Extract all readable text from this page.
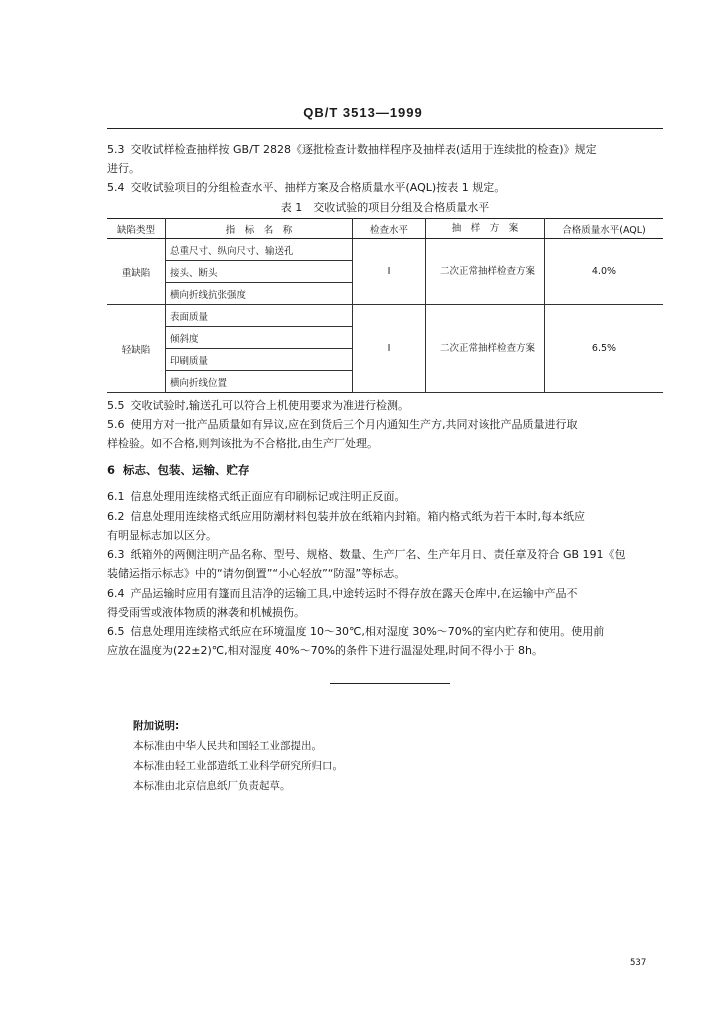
QB/T 3513—1999
5.3 交收试样检查抽样按 GB/T 2828《逐批检查计数抽样程序及抽样表(适用于连续批的检查)》规定
进行。
5.4 交收试验项目的分组检查水平、抽样方案及合格质量水平(AQL)按表 1 规定。
表 1　交收试验的项目分组及合格质量水平
缺陷类型	指　标　名　称	检查水平	抽　样　方　案	合格质量水平(AQL)
重缺陷	总重尺寸、纵向尺寸、输送孔	Ⅰ	二次正常抽样检查方案	4.0%
	接头、断头			
	横向折线抗张强度			
轻缺陷	表面质量	Ⅰ	二次正常抽样检查方案	6.5%
	倾斜度			
	印刷质量			
	横向折线位置			
5.5 交收试验时,输送孔可以符合上机使用要求为准进行检测。
5.6 使用方对一批产品质量如有异议,应在到货后三个月内通知生产方,共同对该批产品质量进行取
样检验。如不合格,则判该批为不合格批,由生产厂处理。
6 标志、包装、运输、贮存
6.1 信息处理用连续格式纸正面应有印刷标记或注明正反面。
6.2 信息处理用连续格式纸应用防潮材料包装并放在纸箱内封箱。箱内格式纸为若干本时,每本纸应
有明显标志加以区分。
6.3 纸箱外的两侧注明产品名称、型号、规格、数量、生产厂名、生产年月日、责任章及符合 GB 191《包
装储运指示标志》中的“请勿倒置”“小心轻放”“防湿”等标志。
6.4 产品运输时应用有篷而且洁净的运输工具,中途转运时不得存放在露天仓库中,在运输中产品不
得受雨雪或液体物质的淋袭和机械损伤。
6.5 信息处理用连续格式纸应在环境温度 10～30℃,相对湿度 30%～70%的室内贮存和使用。使用前
应放在温度为(22±2)℃,相对湿度 40%～70%的条件下进行温湿处理,时间不得小于 8h。
附加说明:
本标准由中华人民共和国轻工业部提出。
本标准由轻工业部造纸工业科学研究所归口。
本标准由北京信息纸厂负责起草。
537
